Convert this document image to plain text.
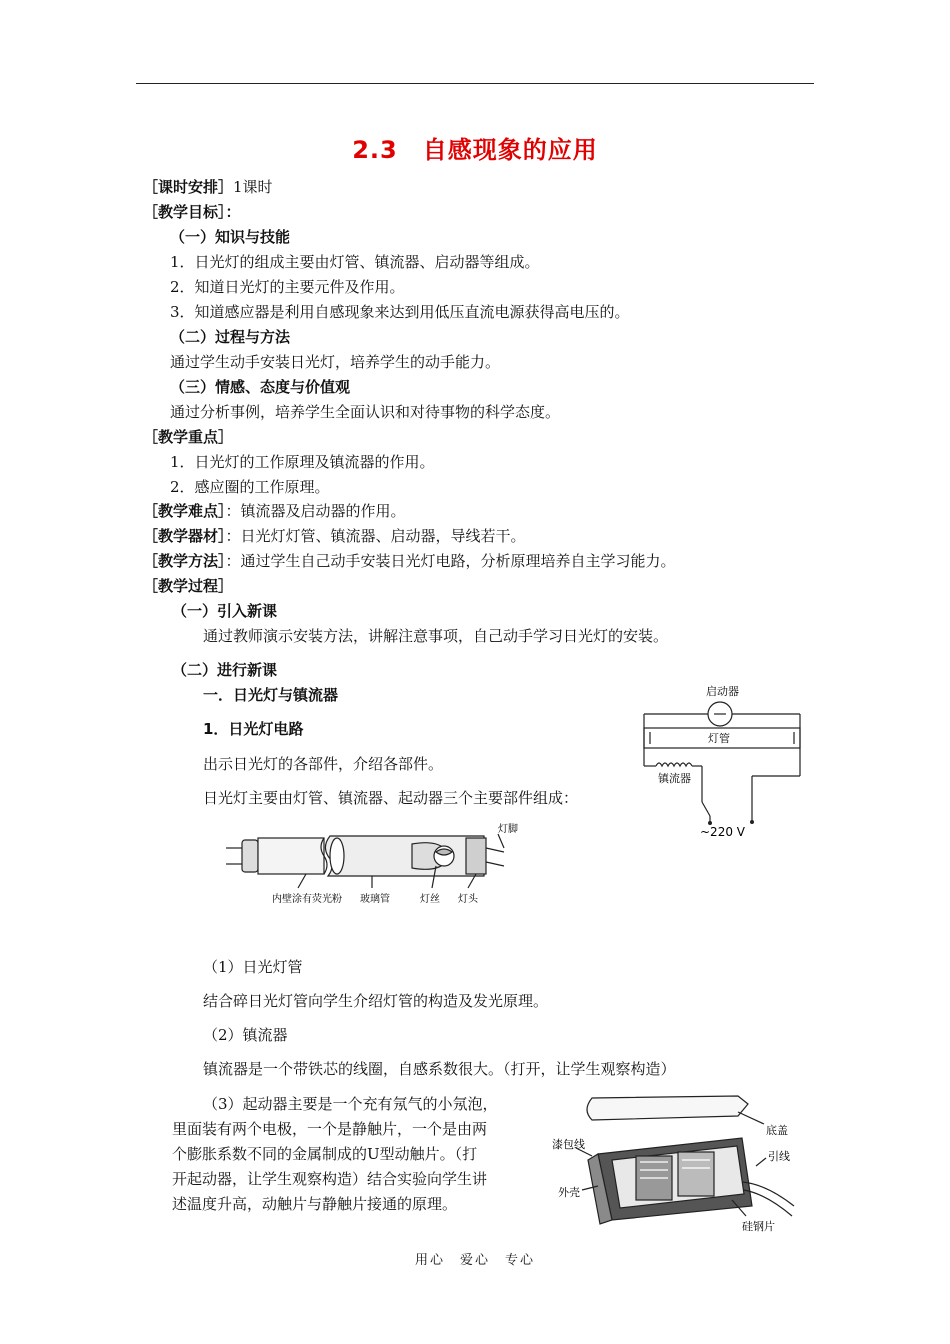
2.3　自感现象的应用
［课时安排］1课时
［教学目标］：
（一）知识与技能
1．日光灯的组成主要由灯管、镇流器、启动器等组成。
2．知道日光灯的主要元件及作用。
3．知道感应器是利用自感现象来达到用低压直流电源获得高电压的。
（二）过程与方法
通过学生动手安装日光灯，培养学生的动手能力。
（三）情感、态度与价值观
通过分析事例，培养学生全面认识和对待事物的科学态度。
［教学重点］
1．日光灯的工作原理及镇流器的作用。
2．感应圈的工作原理。
［教学难点］：镇流器及启动器的作用。
［教学器材］：日光灯灯管、镇流器、启动器，导线若干。
［教学方法］：通过学生自己动手安装日光灯电路，分析原理培养自主学习能力。
［教学过程］
（一）引入新课
通过教师演示安装方法，讲解注意事项，自己动手学习日光灯的安装。
（二）进行新课
一．日光灯与镇流器
1．日光灯电路
出示日光灯的各部件，介绍各部件。
日光灯主要由灯管、镇流器、起动器三个主要部件组成：
启动器
灯管
镇流器
~220 V
灯脚
内壁涂有荧光粉 玻璃管	灯丝 灯头
（1）日光灯管
结合碎日光灯管向学生介绍灯管的构造及发光原理。
（2）镇流器
镇流器是一个带铁芯的线圈，自感系数很大。（打开，让学生观察构造）
（3）起动器主要是一个充有氖气的小氖泡，
里面装有两个电极，一个是静触片，一个是由两
个膨胀系数不同的金属制成的U型动触片。（打
开起动器，让学生观察构造）结合实验向学生讲
述温度升高，动触片与静触片接通的原理。
底盖
漆包线
引线
外壳
硅钢片
用心　爱心　专心
